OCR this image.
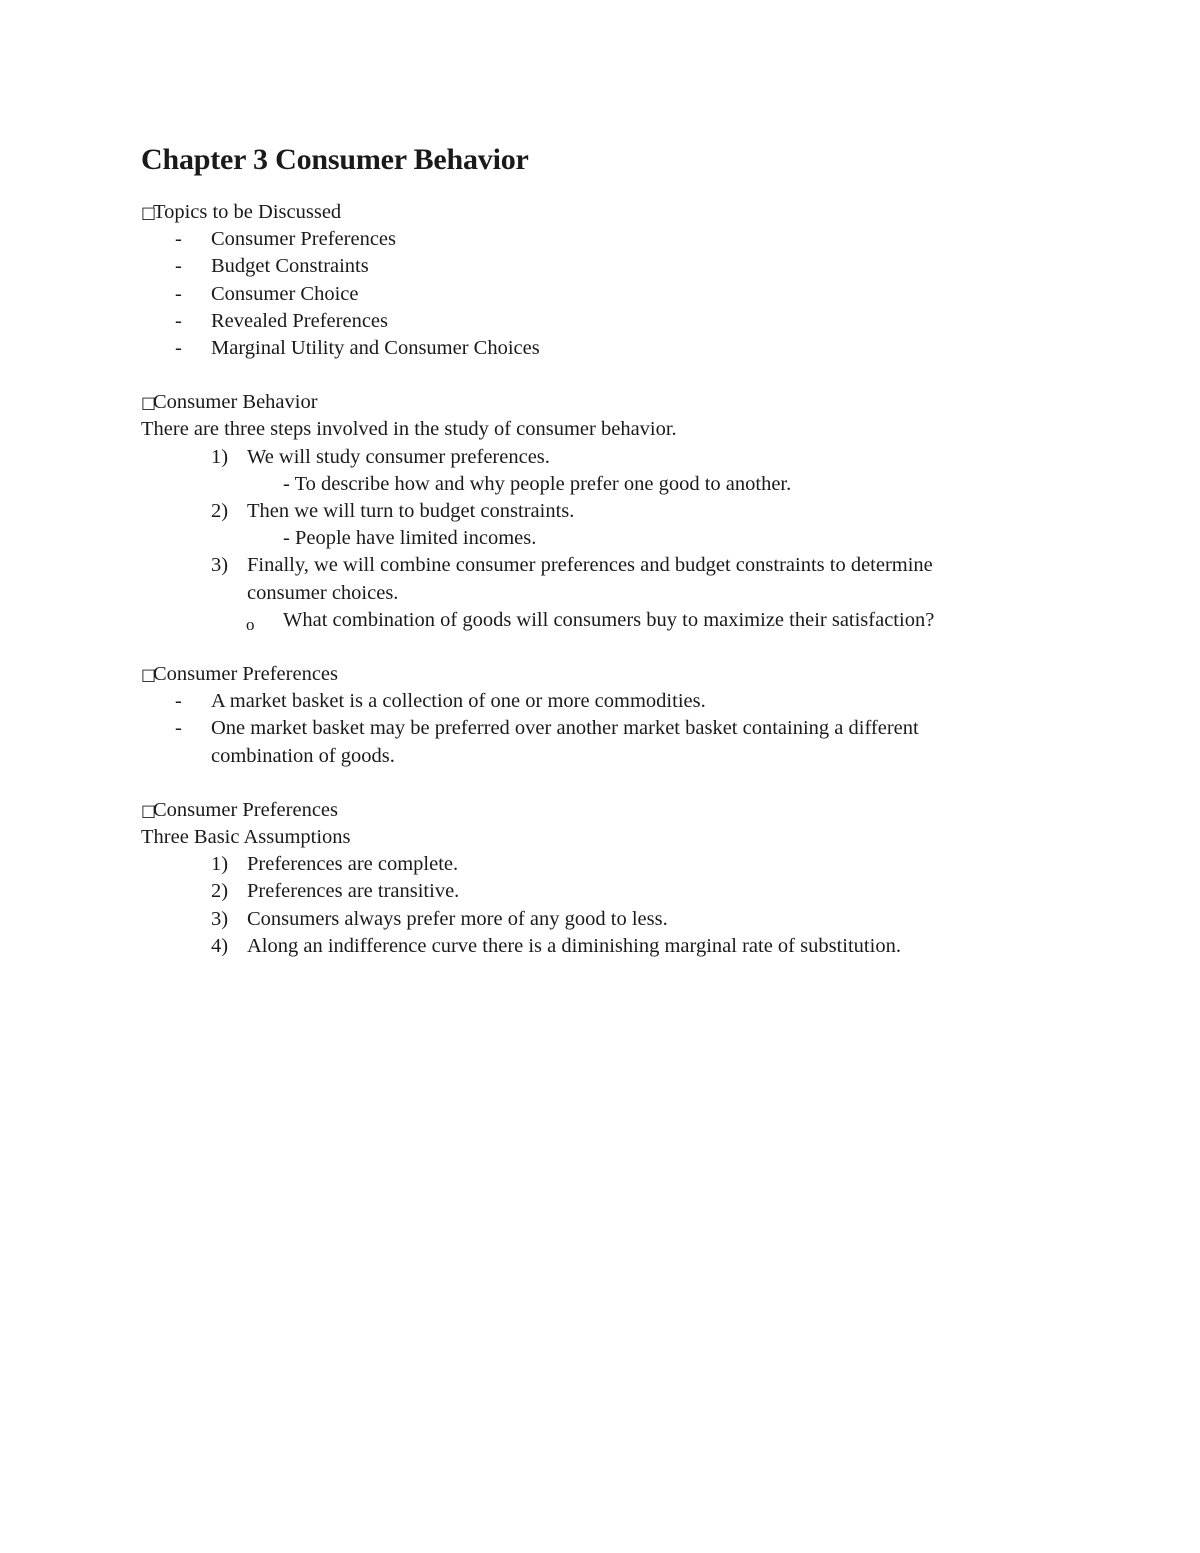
Chapter 3 Consumer Behavior

□Topics to be Discussed

- Consumer Preferences

- Budget Constraints

- Consumer Choice

- Revealed Preferences

- Marginal Utility and Consumer Choices

□Consumer Behavior

There are three steps involved in the study of consumer behavior.

1) We will study consumer preferences.

- To describe how and why people prefer one good to another.

2) Then we will turn to budget constraints.

- People have limited incomes.

3) Finally, we will combine consumer preferences and budget constraints to determine

consumer choices.

o What combination of goods will consumers buy to maximize their satisfaction?

□Consumer Preferences

- A market basket is a collection of one or more commodities.

- One market basket may be preferred over another market basket containing a different

combination of goods.

□Consumer Preferences

Three Basic Assumptions

1) Preferences are complete.

2) Preferences are transitive.

3) Consumers always prefer more of any good to less.

4) Along an indifference curve there is a diminishing marginal rate of substitution.
